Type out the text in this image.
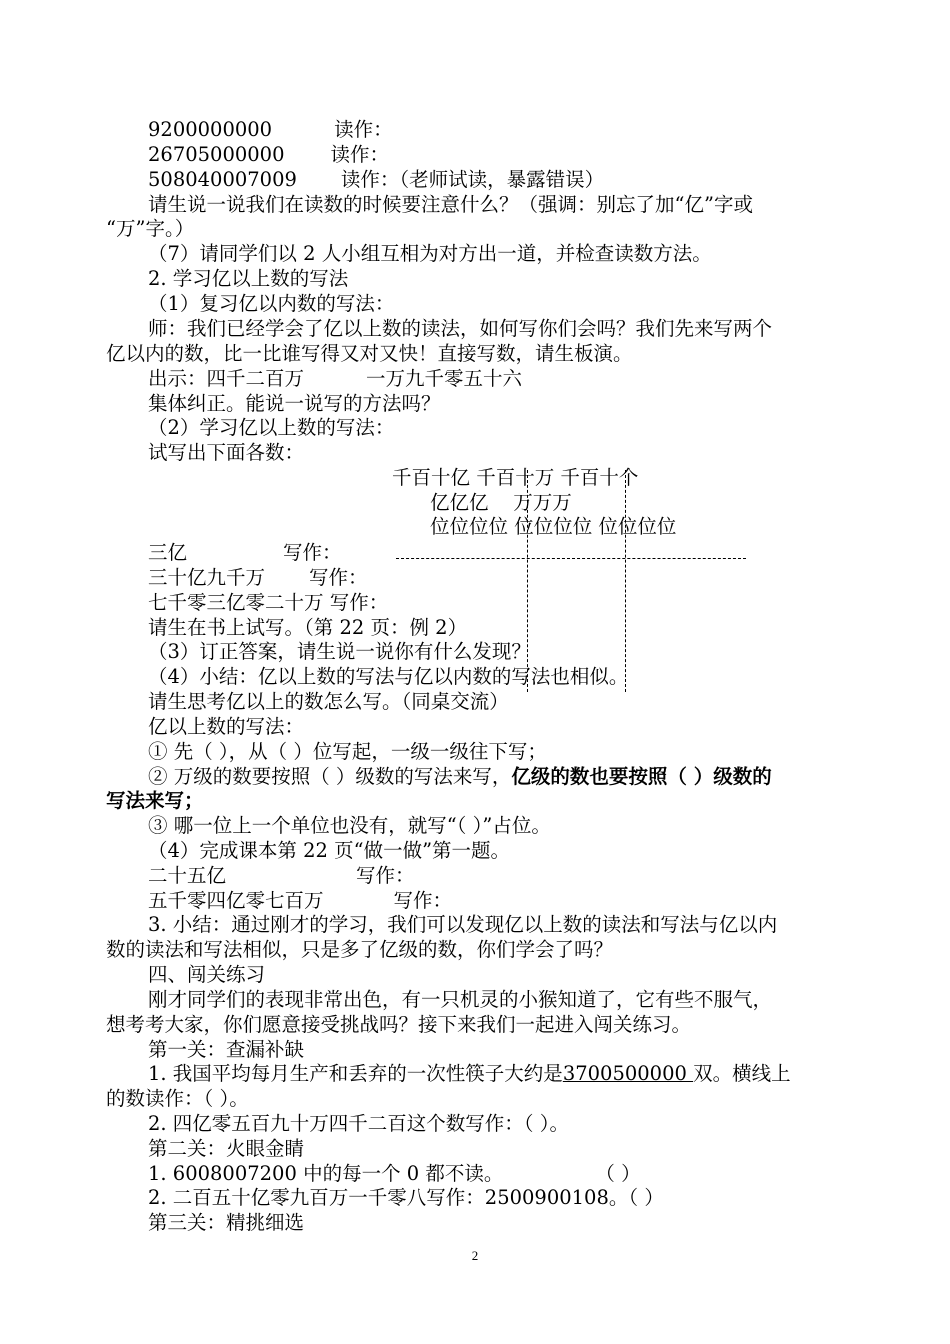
9200000000	读作：
26705000000 读作：
508040007009 读作：（老师试读，暴露错误）
请生说一说我们在读数的时候要注意什么？（强调：别忘了加“亿”字或
“万”字。）
（7）请同学们以 2 人小组互相为对方出一道，并检查读数方法。
2. 学习亿以上数的写法
（1）复习亿以内数的写法：
师：我们已经学会了亿以上数的读法，如何写你们会吗？我们先来写两个
亿以内的数，比一比谁写得又对又快！直接写数，请生板演。
出示：四千二百万	一万九千零五十六
集体纠正。能说一说写的方法吗？
（2）学习亿以上数的写法：
试写出下面各数：
千百十亿 千百十万 千百十个
亿亿亿    万万万
位位位位 位位位位 位位位位
三亿	写作：
三十亿九千万 写作：
七千零三亿零二十万 写作：
请生在书上试写。（第 22 页：例 2）
（3）订正答案，请生说一说你有什么发现？
（4）小结：亿以上数的写法与亿以内数的写法也相似。
请生思考亿以上的数怎么写。（同桌交流）
亿以上数的写法：
① 先（ ），从（ ）位写起，一级一级往下写；
② 万级的数要按照（ ）级数的写法来写，亿级的数也要按照（ ）级数的
写法来写；
③ 哪一位上一个单位也没有，就写“（ ）”占位。
（4）完成课本第 22 页“做一做”第一题。
二十五亿	写作：
五千零四亿零七百万	写作：
3. 小结：通过刚才的学习，我们可以发现亿以上数的读法和写法与亿以内
数的读法和写法相似，只是多了亿级的数，你们学会了吗？
四、闯关练习
刚才同学们的表现非常出色，有一只机灵的小猴知道了，它有些不服气，
想考考大家，你们愿意接受挑战吗？接下来我们一起进入闯关练习。
第一关：查漏补缺
1. 我国平均每月生产和丢弃的一次性筷子大约是3700500000 双。横线上
的数读作：（ ）。
2. 四亿零五百九十万四千二百这个数写作：（ ）。
第二关：火眼金睛
1. 6008007200 中的每一个 0 都不读。	（ ）
2. 二百五十亿零九百万一千零八写作：2500900108。（ ）
第三关：精挑细选
2
